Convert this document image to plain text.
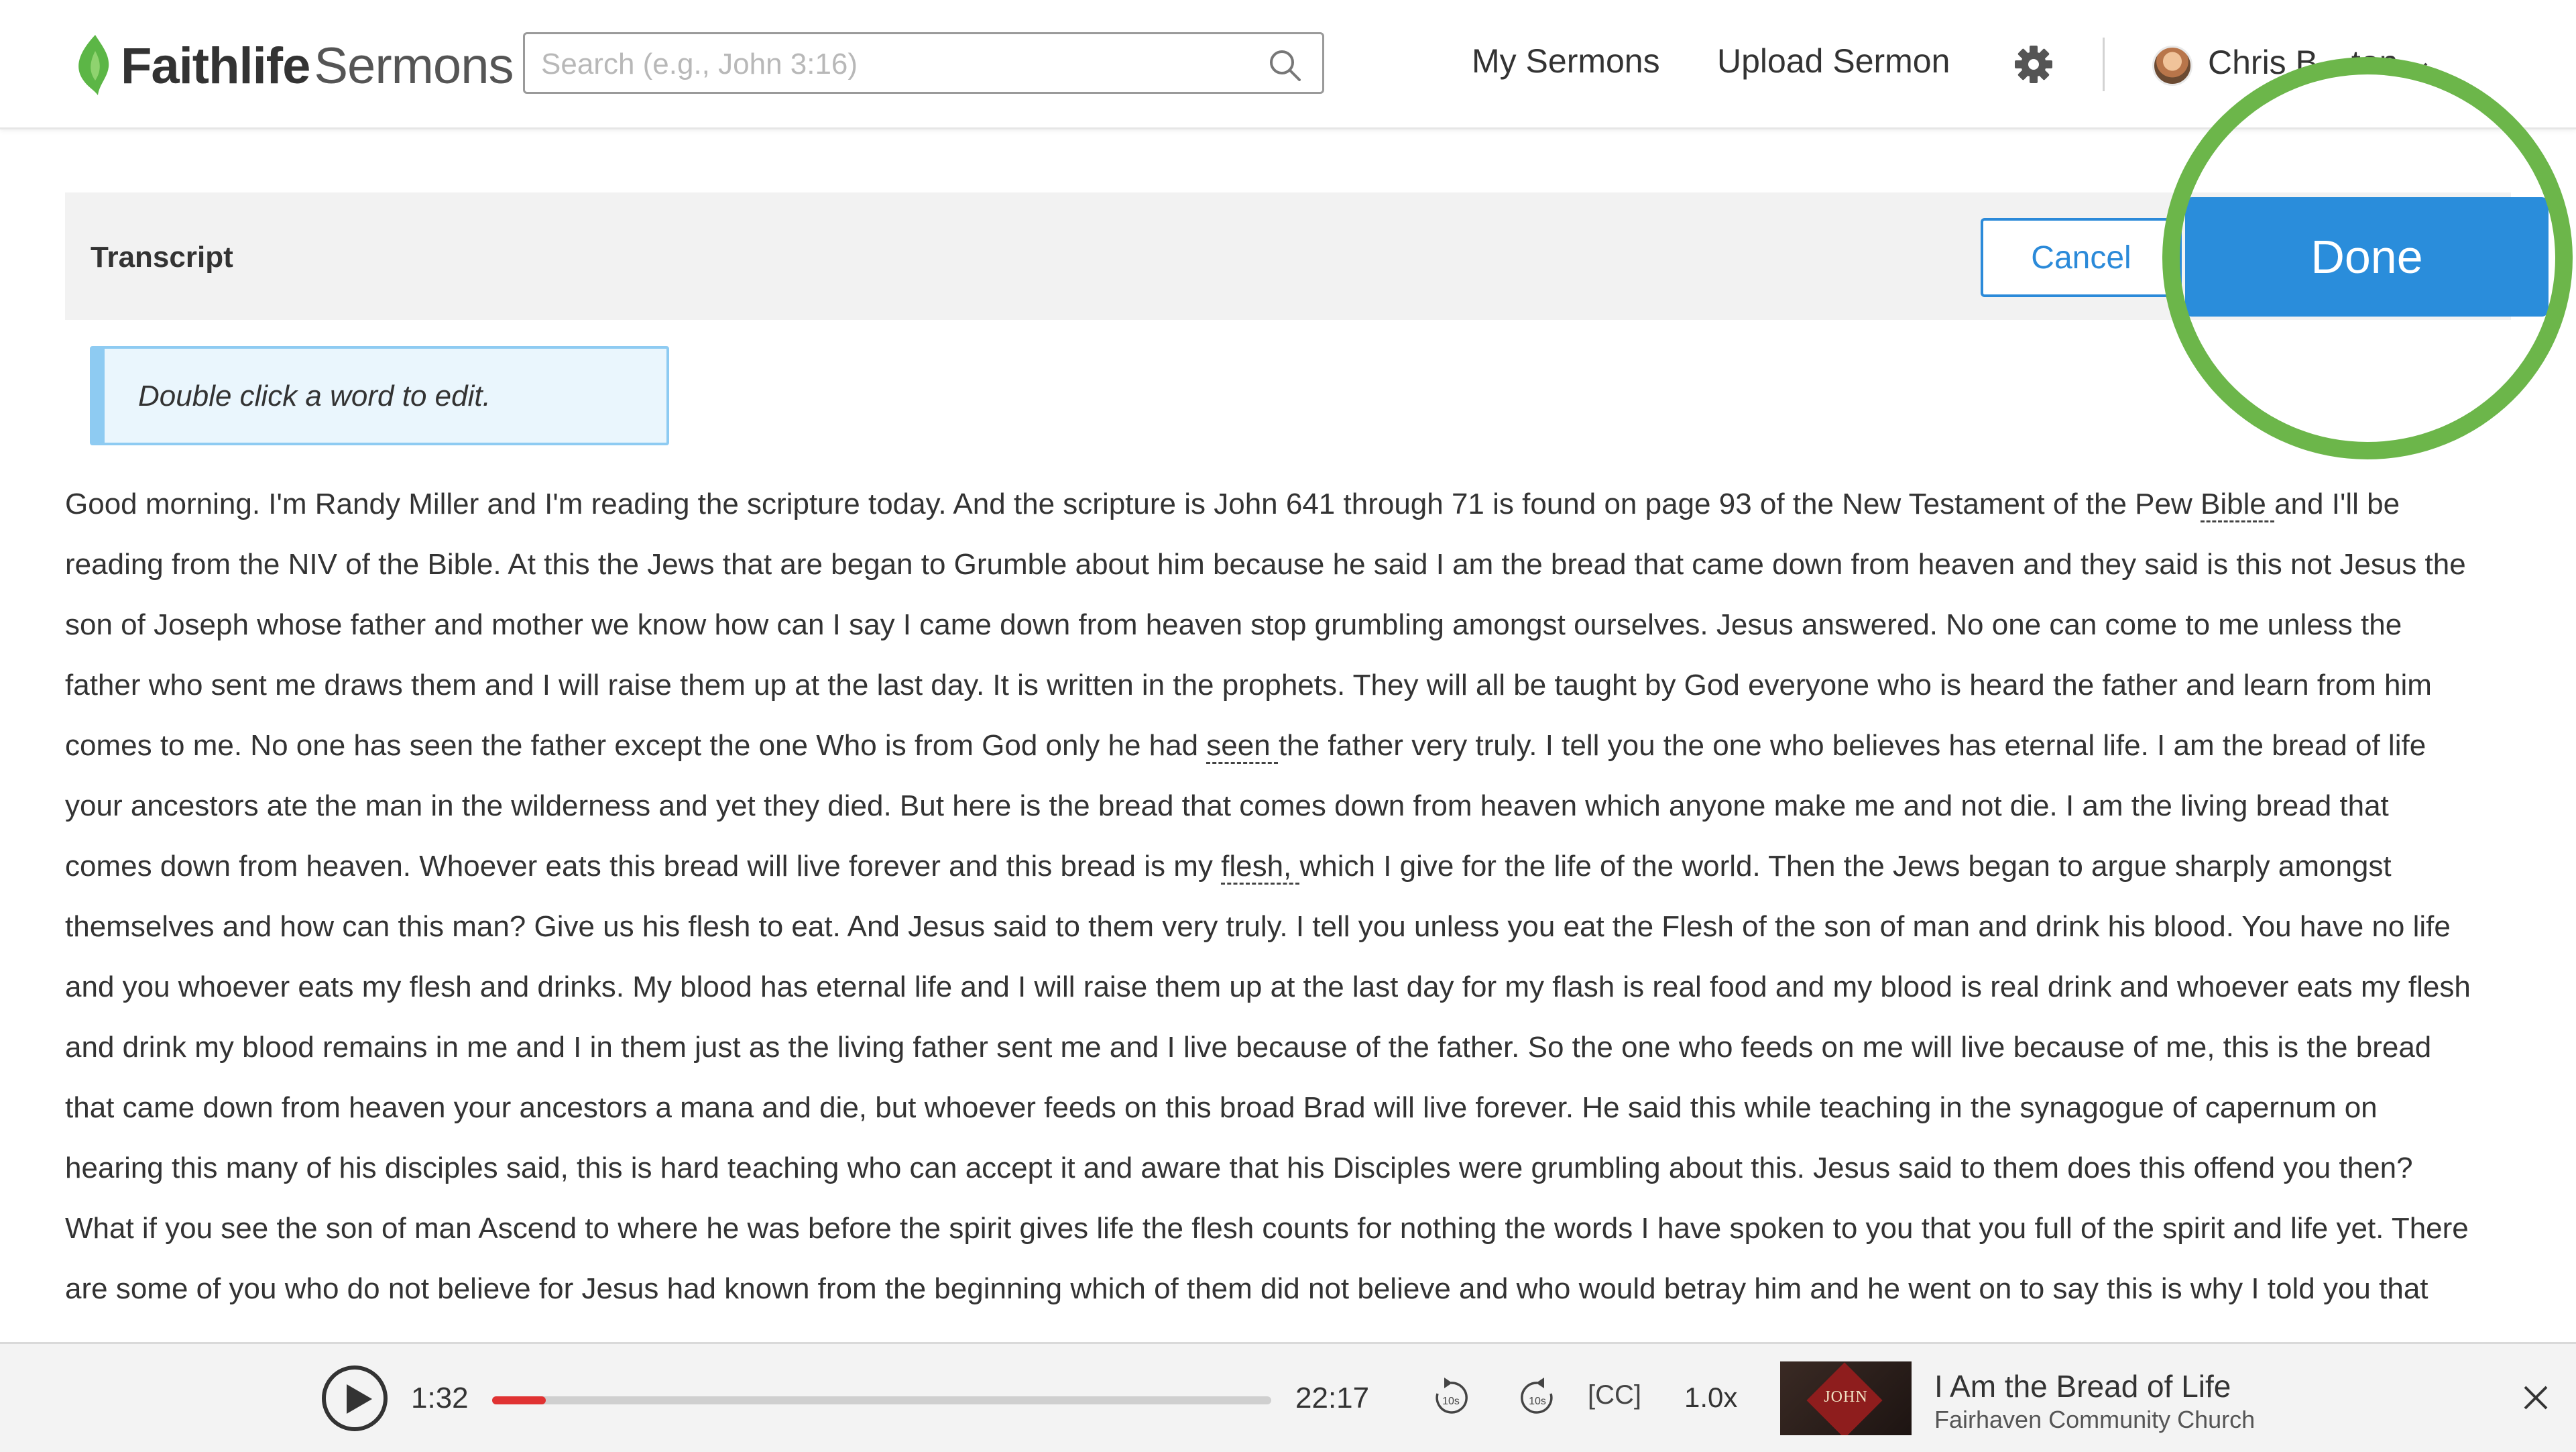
Faithlife Sermons
Search (e.g., John 3:16)	My Sermons Upload Sermon	Chris B…ton
Transcript	Cancel	Done
Double click a word to edit.
Good morning. I'm Randy Miller and I'm reading the scripture today. And the scripture is John 641 through 71 is found on page 93 of the New Testament of the Pew Bible and I'll be
reading from the NIV of the Bible. At this the Jews that are began to Grumble about him because he said I am the bread that came down from heaven and they said is this not Jesus the
son of Joseph whose father and mother we know how can I say I came down from heaven stop grumbling amongst ourselves. Jesus answered. No one can come to me unless the
father who sent me draws them and I will raise them up at the last day. It is written in the prophets. They will all be taught by God everyone who is heard the father and learn from him
comes to me. No one has seen the father except the one Who is from God only he had seen the father very truly. I tell you the one who believes has eternal life. I am the bread of life
your ancestors ate the man in the wilderness and yet they died. But here is the bread that comes down from heaven which anyone make me and not die. I am the living bread that
comes down from heaven. Whoever eats this bread will live forever and this bread is my flesh, which I give for the life of the world. Then the Jews began to argue sharply amongst
themselves and how can this man? Give us his flesh to eat. And Jesus said to them very truly. I tell you unless you eat the Flesh of the son of man and drink his blood. You have no life
and you whoever eats my flesh and drinks. My blood has eternal life and I will raise them up at the last day for my flash is real food and my blood is real drink and whoever eats my flesh
and drink my blood remains in me and I in them just as the living father sent me and I live because of the father. So the one who feeds on me will live because of me, this is the bread
that came down from heaven your ancestors a mana and die, but whoever feeds on this broad Brad will live forever. He said this while teaching in the synagogue of capernum on
hearing this many of his disciples said, this is hard teaching who can accept it and aware that his Disciples were grumbling about this. Jesus said to them does this offend you then?
What if you see the son of man Ascend to where he was before the spirit gives life the flesh counts for nothing the words I have spoken to you that you full of the spirit and life yet. There
are some of you who do not believe for Jesus had known from the beginning which of them did not believe and who would betray him and he went on to say this is why I told you that
1:32	22:17	10s	10s [CC] 1.0x	JOHN	I Am the Bread of Life
Fairhaven Community Church
